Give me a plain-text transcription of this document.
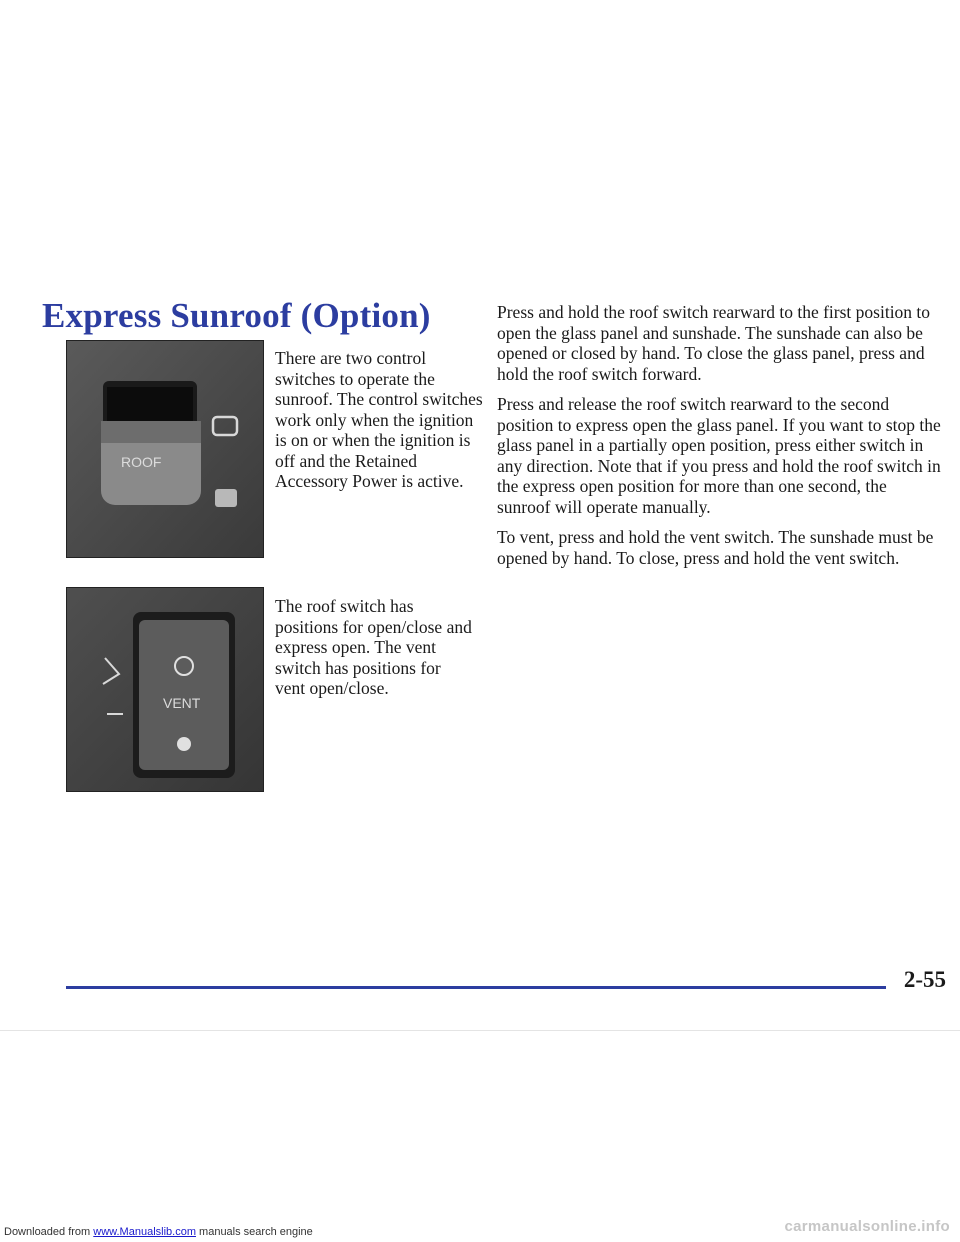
Express Sunroof (Option)
ROOF

There are two control switches to operate the sunroof. The control switches work only when the ignition is on or when the ignition is off and the Retained Accessory Power is active.

VENT

The roof switch has positions for open/close and express open. The vent switch has positions for vent open/close.

Press and hold the roof switch rearward to the first position to open the glass panel and sunshade. The sunshade can also be opened or closed by hand. To close the glass panel, press and hold the roof switch forward.

Press and release the roof switch rearward to the second position to express open the glass panel. If you want to stop the glass panel in a partially open position, press either switch in any direction. Note that if you press and hold the roof switch in the express open position for more than one second, the sunroof will operate manually.

To vent, press and hold the vent switch. The sunshade must be opened by hand. To close, press and hold the vent switch.

2-55

Downloaded from www.Manualslib.com manuals search engine	carmanualsonline.info
